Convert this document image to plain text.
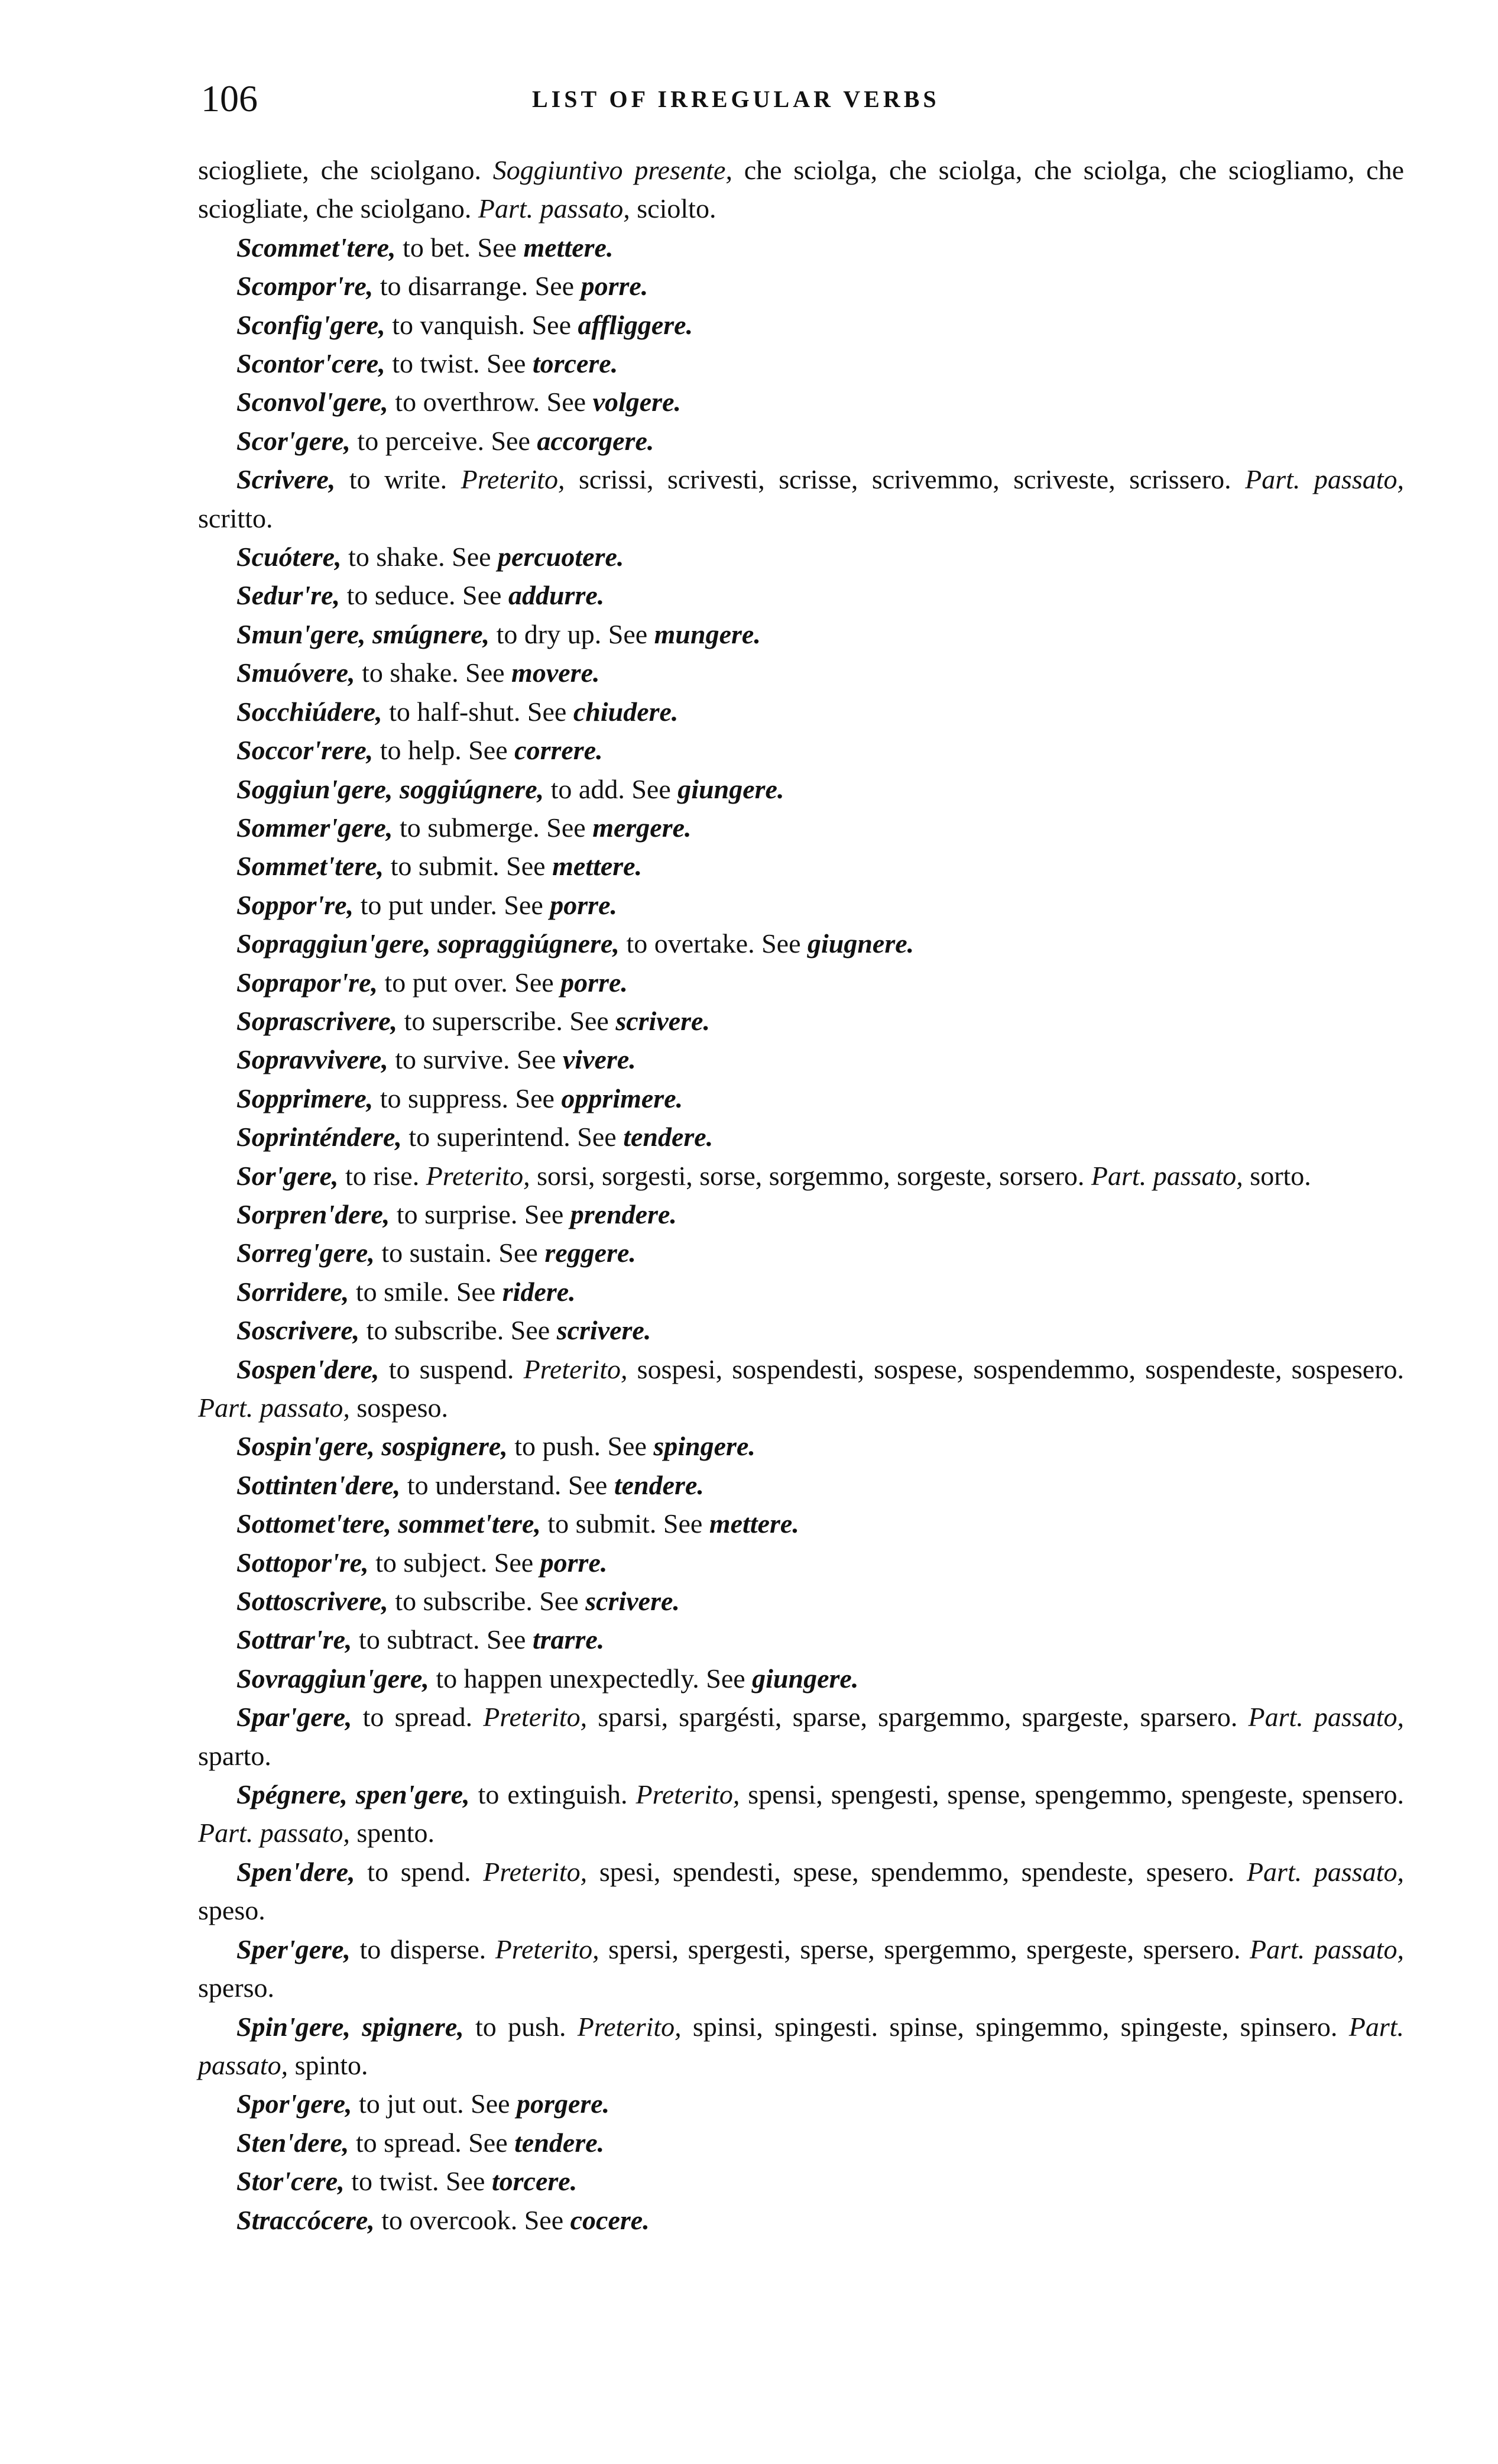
106	LIST OF IRREGULAR VERBS

sciogliete, che sciolgano. Soggiuntivo presente, che sciolga, che sciolga, che sciolga, che sciogliamo, che sciogliate, che sciolgano. Part. passato, sciolto.

Scommet'tere, to bet. See mettere.

Scompor're, to disarrange. See porre.

Sconfig'gere, to vanquish. See affliggere.

Scontor'cere, to twist. See torcere.

Sconvol'gere, to overthrow. See volgere.

Scor'gere, to perceive. See accorgere.

Scrivere, to write. Preterito, scrissi, scrivesti, scrisse, scrivemmo, scriveste, scrissero. Part. passato, scritto.

Scuótere, to shake. See percuotere.

Sedur're, to seduce. See addurre.

Smun'gere, smúgnere, to dry up. See mungere.

Smuóvere, to shake. See movere.

Socchiúdere, to half-shut. See chiudere.

Soccor'rere, to help. See correre.

Soggiun'gere, soggiúgnere, to add. See giungere.

Sommer'gere, to submerge. See mergere.

Sommet'tere, to submit. See mettere.

Soppor're, to put under. See porre.

Sopraggiun'gere, sopraggiúgnere, to overtake. See giugnere.

Soprapor're, to put over. See porre.

Soprascrivere, to superscribe. See scrivere.

Sopravvivere, to survive. See vivere.

Sopprimere, to suppress. See opprimere.

Soprinténdere, to superintend. See tendere.

Sor'gere, to rise. Preterito, sorsi, sorgesti, sorse, sorgemmo, sorgeste, sorsero. Part. passato, sorto.

Sorpren'dere, to surprise. See prendere.

Sorreg'gere, to sustain. See reggere.

Sorridere, to smile. See ridere.

Soscrivere, to subscribe. See scrivere.

Sospen'dere, to suspend. Preterito, sospesi, sospendesti, sospese, sospendemmo, sospendeste, sospesero. Part. passato, sospeso.

Sospin'gere, sospignere, to push. See spingere.

Sottinten'dere, to understand. See tendere.

Sottomet'tere, sommet'tere, to submit. See mettere.

Sottopor're, to subject. See porre.

Sottoscrivere, to subscribe. See scrivere.

Sottrar're, to subtract. See trarre.

Sovraggiun'gere, to happen unexpectedly. See giungere.

Spar'gere, to spread. Preterito, sparsi, spargésti, sparse, spargemmo, spargeste, sparsero. Part. passato, sparto.

Spégnere, spen'gere, to extinguish. Preterito, spensi, spengesti, spense, spengemmo, spengeste, spensero. Part. passato, spento.

Spen'dere, to spend. Preterito, spesi, spendesti, spese, spendemmo, spendeste, spesero. Part. passato, speso.

Sper'gere, to disperse. Preterito, spersi, spergesti, sperse, spergemmo, spergeste, spersero. Part. passato, sperso.

Spin'gere, spignere, to push. Preterito, spinsi, spingesti. spinse, spingemmo, spingeste, spinsero. Part. passato, spinto.

Spor'gere, to jut out. See porgere.

Sten'dere, to spread. See tendere.

Stor'cere, to twist. See torcere.

Straccócere, to overcook. See cocere.
